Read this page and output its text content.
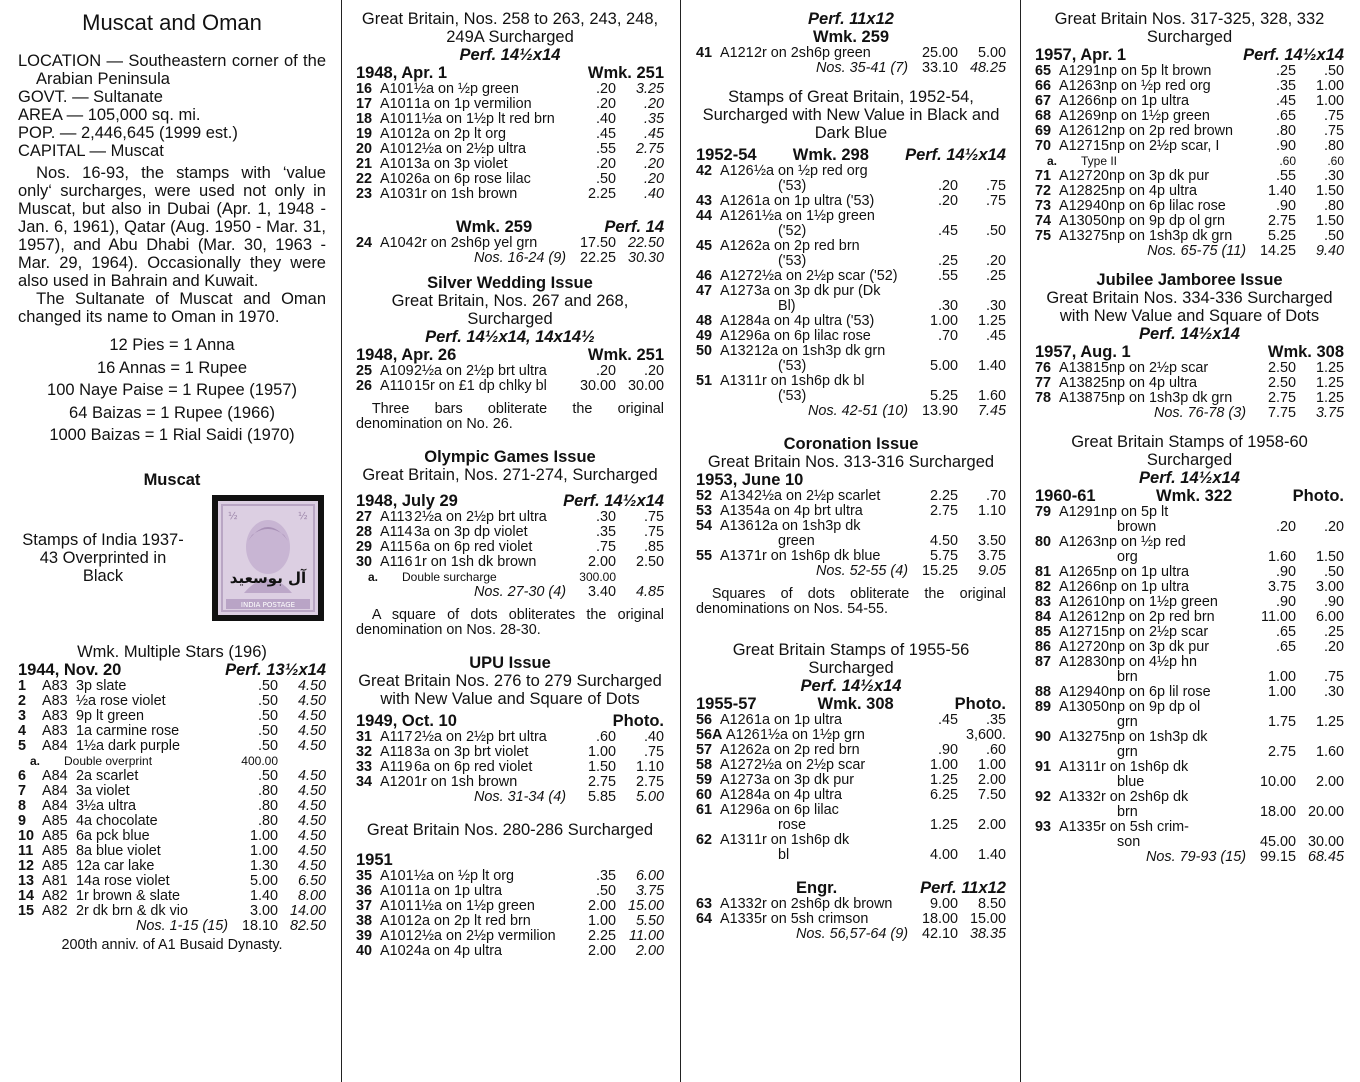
Muscat and Oman
LOCATION — Southeastern corner of the Arabian Peninsula
GOVT. — Sultanate
AREA — 105,000 sq. mi.
POP. — 2,446,645 (1999 est.)
CAPITAL — Muscat
Nos. 16-93, the stamps with ‘value only‘ surcharges, were used not only in Muscat, but also in Dubai (Apr. 1, 1948 - Jan. 6, 1961), Qatar (Aug. 1950 - Mar. 31, 1957), and Abu Dhabi (Mar. 30, 1963 - Mar. 29, 1964). Occasionally they were also used in Bahrain and Kuwait.
The Sultanate of Muscat and Oman changed its name to Oman in 1970.
12 Pies = 1 Anna
16 Annas = 1 Rupee
100 Naye Paise = 1 Rupee (1957)
64 Baizas = 1 Rupee (1966)
1000 Baizas = 1 Rial Saidi (1970)
Muscat
Stamps of India 1937-43 Overprinted in Black
½	½
INDIA POSTAGE
آل بوسعيد
Wmk. Multiple Stars (196)
1944, Nov. 20	Perf. 13½x14
1	A83 3p slate	.50	4.50
2	A83 ½a rose violet	.50	4.50
3	A83 9p lt green	.50	4.50
4	A83 1a carmine rose	.50	4.50
5	A84 1½a dark purple	.50	4.50
a.	Double overprint	400.00
6	A84 2a scarlet	.50	4.50
7	A84 3a violet	.80	4.50
8	A84 3½a ultra	.80	4.50
9	A85 4a chocolate	.80	4.50
10 A85 6a pck blue	1.00	4.50
11 A85 8a blue violet	1.00	4.50
12 A85 12a car lake	1.30	4.50
13 A81 14a rose violet	5.00	6.50
14 A82 1r brown & slate	1.40	8.00
15 A82 2r dk brn & dk vio	3.00 14.00
Nos. 1-15 (15) 18.10 82.50
200th anniv. of A1 Busaid Dynasty.
Great Britain, Nos. 258 to 263, 243, 248, 249A Surcharged
Perf. 14½x14
1948, Apr. 1	Wmk. 251
16 A101 ½a on ½p green	.20	3.25
17 A101 1a on 1p vermilion	.20	.20
18 A101 1½a on 1½p lt red brn	.40	.35
19 A101 2a on 2p lt org	.45	.45
20 A101 2½a on 2½p ultra	.55	2.75
21 A101 3a on 3p violet	.20	.20
22 A102 6a on 6p rose lilac	.50	.20
23 A103 1r on 1sh brown	2.25	.40
Wmk. 259	Perf. 14
24 A104 2r on 2sh6p yel grn	17.50 22.50
Nos. 16-24 (9) 22.25 30.30
Silver Wedding Issue
Great Britain, Nos. 267 and 268, Surcharged
Perf. 14½x14, 14x14½
1948, Apr. 26	Wmk. 251
25 A109 2½a on 2½p brt ultra	.20	.20
26 A110 15r on £1 dp chlky bl	30.00 30.00
Three bars obliterate the original denomination on No. 26.
Olympic Games Issue
Great Britain, Nos. 271-274, Surcharged
1948, July 29	Perf. 14½x14
27 A113 2½a on 2½p brt ultra	.30	.75
28 A114 3a on 3p dp violet	.35	.75
29 A115 6a on 6p red violet	.75	.85
30 A116 1r on 1sh dk brown	2.00	2.50
a.	Double surcharge	300.00
Nos. 27-30 (4)	3.40	4.85
A square of dots obliterates the original denomination on Nos. 28-30.
UPU Issue
Great Britain Nos. 276 to 279 Surcharged with New Value and Square of Dots
1949, Oct. 10	Photo.
31 A117 2½a on 2½p brt ultra	.60	.40
32 A118 3a on 3p brt violet	1.00	.75
33 A119 6a on 6p red violet	1.50	1.10
34 A120 1r on 1sh brown	2.75	2.75
Nos. 31-34 (4)	5.85	5.00
Great Britain Nos. 280-286 Surcharged
1951
35 A101 ½a on ½p lt org	.35	6.00
36 A101 1a on 1p ultra	.50	3.75
37 A101 1½a on 1½p green	2.00 15.00
38 A101 2a on 2p lt red brn	1.00	5.50
39 A101 2½a on 2½p vermilion	2.25 11.00
40 A102 4a on 4p ultra	2.00	2.00
Perf. 11x12
Wmk. 259
41 A121 2r on 2sh6p green	25.00	5.00
Nos. 35-41 (7) 33.10 48.25
Stamps of Great Britain, 1952-54, Surcharged with New Value in Black and Dark Blue
1952-54 Wmk. 298 Perf. 14½x14
42 A126 ½a on ½p red org
('53)	.20	.75
43 A126 1a on 1p ultra ('53)	.20	.75
44 A126 1½a on 1½p green
('52)	.45	.50
45 A126 2a on 2p red brn
('53)	.25	.20
46 A127 2½a on 2½p scar ('52)	.55	.25
47 A127 3a on 3p dk pur (Dk
Bl)	.30	.30
48 A128 4a on 4p ultra ('53)	1.00	1.25
49 A129 6a on 6p lilac rose	.70	.45
50 A132 12a on 1sh3p dk grn
('53)	5.00	1.40
51 A131 1r on 1sh6p dk bl
('53)	5.25	1.60
Nos. 42-51 (10) 13.90	7.45
Coronation Issue
Great Britain Nos. 313-316 Surcharged
1953, June 10
52 A134 2½a on 2½p scarlet	2.25	.70
53 A135 4a on 4p brt ultra	2.75	1.10
54 A136 12a on 1sh3p dk
green	4.50	3.50
55 A137 1r on 1sh6p dk blue	5.75	3.75
Nos. 52-55 (4) 15.25	9.05
Squares of dots obliterate the original denominations on Nos. 54-55.
Great Britain Stamps of 1955-56 Surcharged
Perf. 14½x14
1955-57	Wmk. 308	Photo.
56 A126 1a on 1p ultra	.45	.35
56A A126 1½a on 1½p grn	3,600.
57 A126 2a on 2p red brn	.90	.60
58 A127 2½a on 2½p scar	1.00	1.00
59 A127 3a on 3p dk pur	1.25	2.00
60 A128 4a on 4p ultra	6.25	7.50
61 A129 6a on 6p lilac
rose	1.25	2.00
62 A131 1r on 1sh6p dk
bl	4.00	1.40
Engr.	Perf. 11x12
63 A133 2r on 2sh6p dk brown	9.00	8.50
64 A133 5r on 5sh crimson	18.00 15.00
Nos. 56,57-64 (9) 42.10 38.35
Great Britain Nos. 317-325, 328, 332 Surcharged
1957, Apr. 1	Perf. 14½x14
65 A129 1np on 5p lt brown	.25	.50
66 A126 3np on ½p red org	.35	1.00
67 A126 6np on 1p ultra	.45	1.00
68 A126 9np on 1½p green	.65	.75
69 A126 12np on 2p red brown	.80	.75
70 A127 15np on 2½p scar, I	.90	.80
a.	Type II	.60	.60
71 A127 20np on 3p dk pur	.55	.30
72 A128 25np on 4p ultra	1.40	1.50
73 A129 40np on 6p lilac rose	.90	.80
74 A130 50np on 9p dp ol grn	2.75	1.50
75 A132 75np on 1sh3p dk grn	5.25	.50
Nos. 65-75 (11) 14.25	9.40
Jubilee Jamboree Issue
Great Britain Nos. 334-336 Surcharged with New Value and Square of Dots
Perf. 14½x14
1957, Aug. 1	Wmk. 308
76 A138 15np on 2½p scar	2.50	1.25
77 A138 25np on 4p ultra	2.50	1.25
78 A138 75np on 1sh3p dk grn	2.75	1.25
Nos. 76-78 (3)	7.75	3.75
Great Britain Stamps of 1958-60 Surcharged
Perf. 14½x14
1960-61	Wmk. 322	Photo.
79 A129 1np on 5p lt
brown	.20	.20
80 A126 3np on ½p red
org	1.60	1.50
81 A126 5np on 1p ultra	.90	.50
82 A126 6np on 1p ultra	3.75	3.00
83 A126 10np on 1½p green	.90	.90
84 A126 12np on 2p red brn	11.00	6.00
85 A127 15np on 2½p scar	.65	.25
86 A127 20np on 3p dk pur	.65	.20
87 A128 30np on 4½p hn
brn	1.00	.75
88 A129 40np on 6p lil rose	1.00	.30
89 A130 50np on 9p dp ol
grn	1.75	1.25
90 A132 75np on 1sh3p dk
grn	2.75	1.60
91 A131 1r on 1sh6p dk
blue	10.00	2.00
92 A133 2r on 2sh6p dk
brn	18.00 20.00
93 A133 5r on 5sh crim-
son	45.00 30.00
Nos. 79-93 (15) 99.15 68.45
